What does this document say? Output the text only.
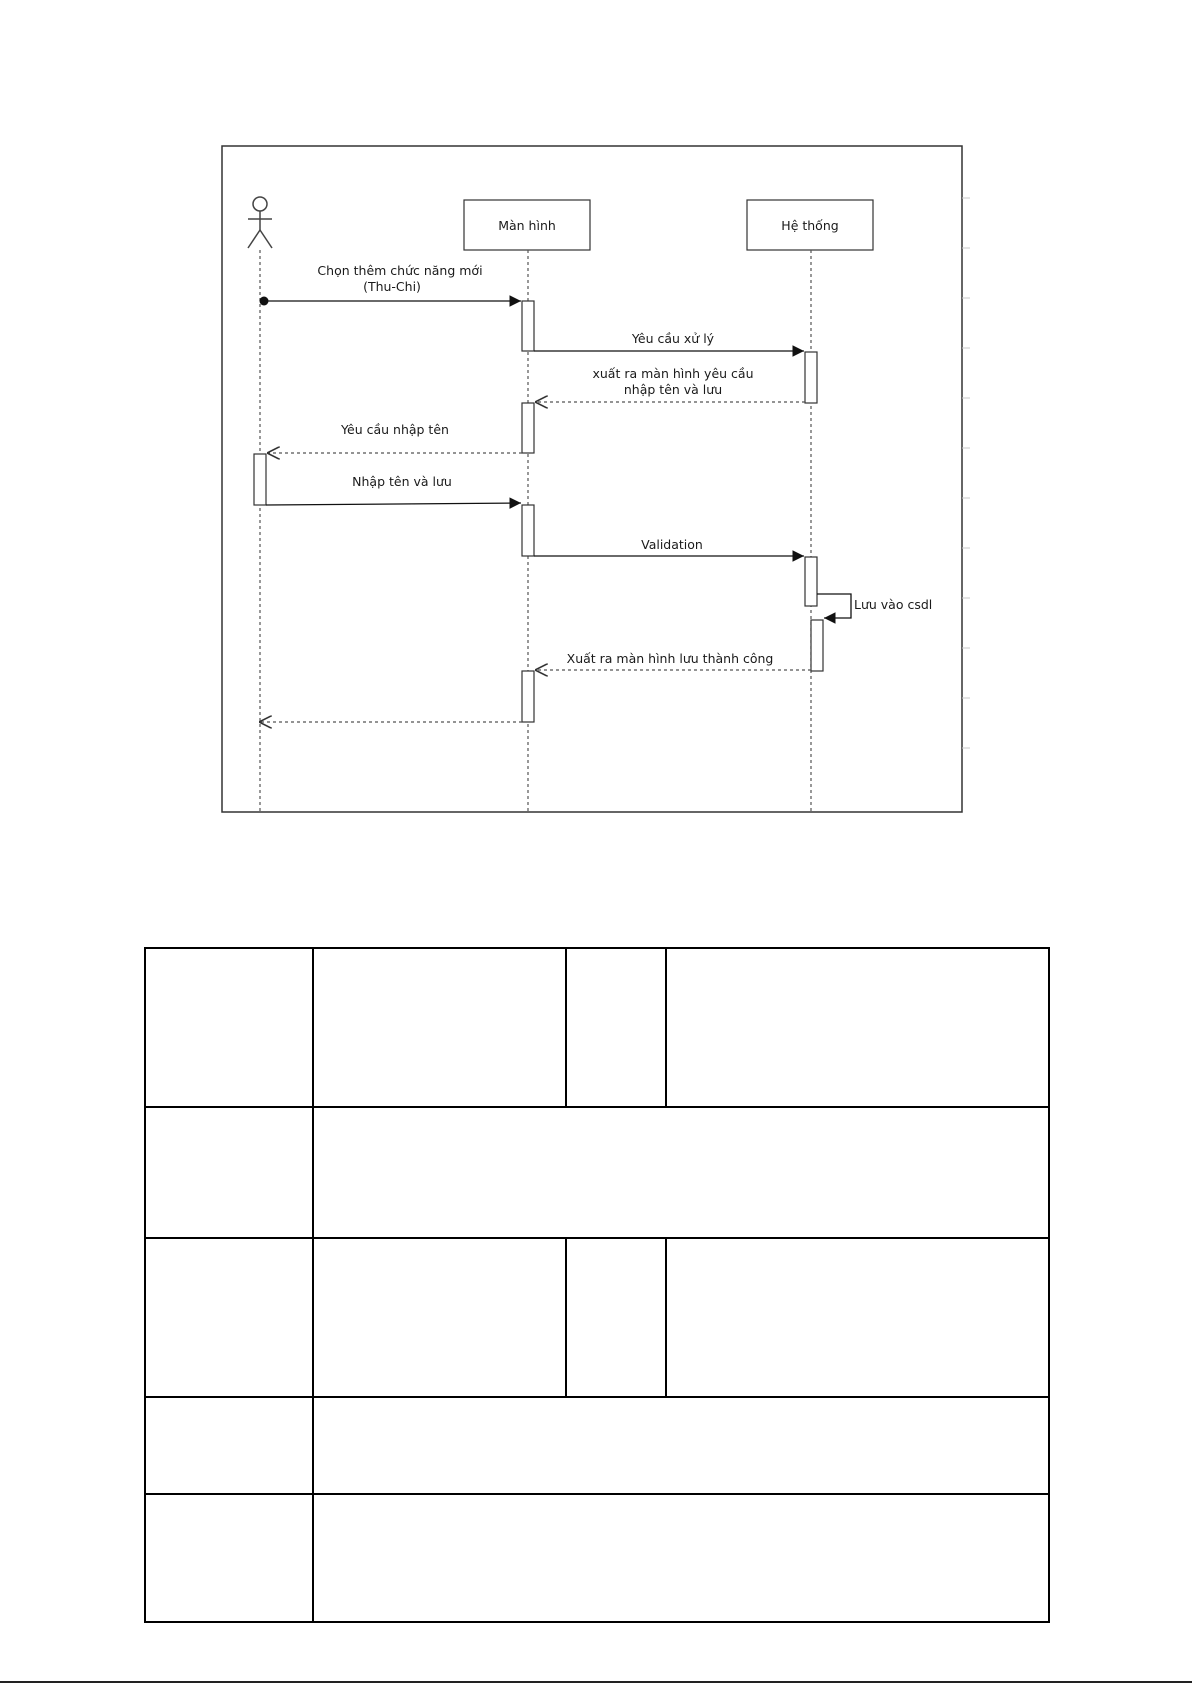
Màn hình	Hệ thống
Chọn thêm chức năng mới
(Thu-Chi)
Yêu cầu xử lý
xuất ra màn hình yêu cầu
nhập tên và lưu
Yêu cầu nhập tên
Nhập tên và lưu
Validation
Lưu vào csdl
Xuất ra màn hình lưu thành công
